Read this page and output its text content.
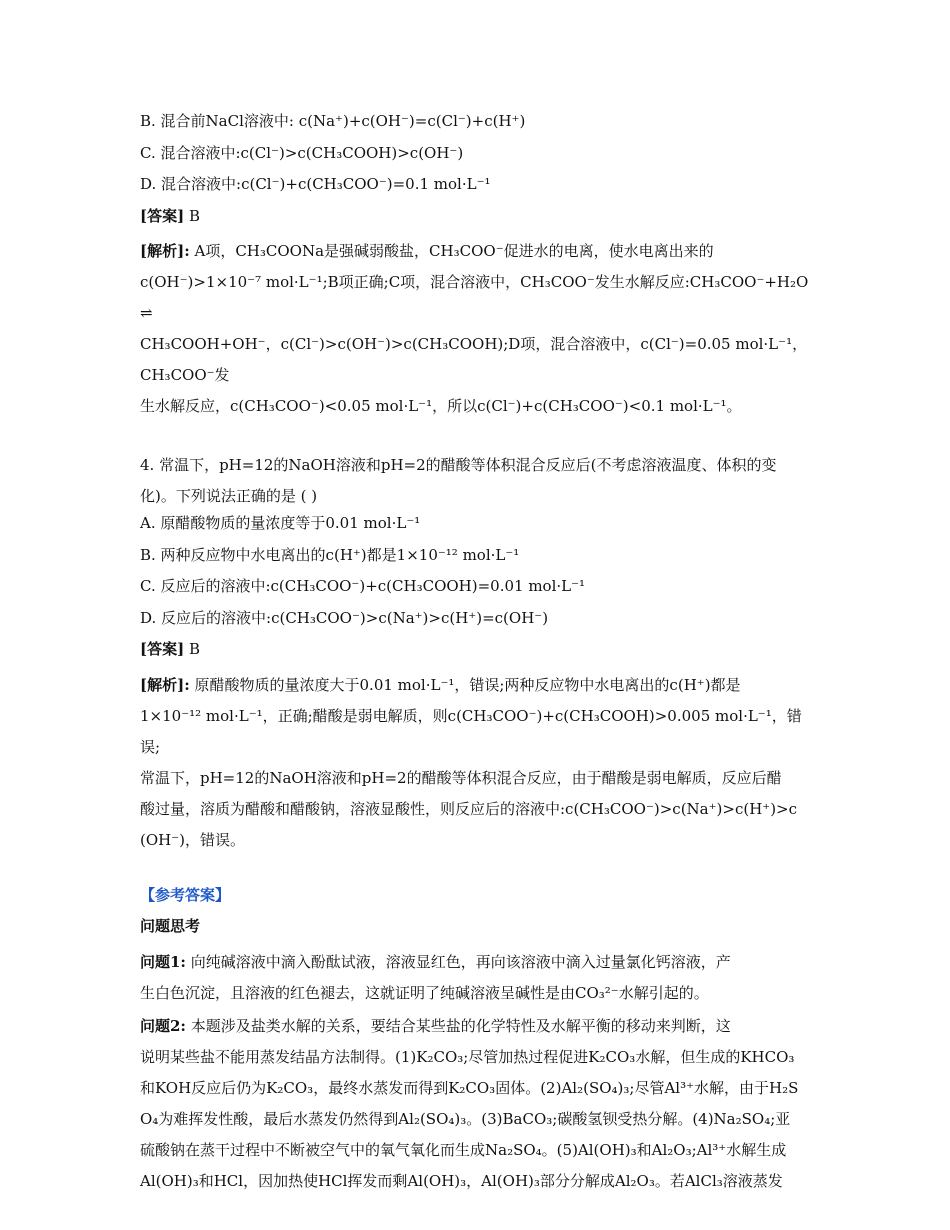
B. 混合前NaCl溶液中: c(Na⁺)+c(OH⁻)=c(Cl⁻)+c(H⁺)
C. 混合溶液中:c(Cl⁻)>c(CH₃COOH)>c(OH⁻)
D. 混合溶液中:c(Cl⁻)+c(CH₃COO⁻)=0.1 mol·L⁻¹
[答案] B
[解析]: A项，CH₃COONa是强碱弱酸盐，CH₃COO⁻促进水的电离，使水电离出来的
c(OH⁻)>1×10⁻⁷ mol·L⁻¹;B项正确;C项，混合溶液中，CH₃COO⁻发生水解反应:CH₃COO⁻+H₂O⇌
CH₃COOH+OH⁻，c(Cl⁻)>c(OH⁻)>c(CH₃COOH);D项，混合溶液中，c(Cl⁻)=0.05 mol·L⁻¹，CH₃COO⁻发
生水解反应，c(CH₃COO⁻)<0.05 mol·L⁻¹，所以c(Cl⁻)+c(CH₃COO⁻)<0.1 mol·L⁻¹。
4. 常温下，pH=12的NaOH溶液和pH=2的醋酸等体积混合反应后(不考虑溶液温度、体积的变
化)。下列说法正确的是 ( )
A. 原醋酸物质的量浓度等于0.01 mol·L⁻¹
B. 两种反应物中水电离出的c(H⁺)都是1×10⁻¹² mol·L⁻¹
C. 反应后的溶液中:c(CH₃COO⁻)+c(CH₃COOH)=0.01 mol·L⁻¹
D. 反应后的溶液中:c(CH₃COO⁻)>c(Na⁺)>c(H⁺)=c(OH⁻)
[答案] B
[解析]: 原醋酸物质的量浓度大于0.01 mol·L⁻¹，错误;两种反应物中水电离出的c(H⁺)都是
1×10⁻¹² mol·L⁻¹，正确;醋酸是弱电解质，则c(CH₃COO⁻)+c(CH₃COOH)>0.005 mol·L⁻¹，错误;
常温下，pH=12的NaOH溶液和pH=2的醋酸等体积混合反应，由于醋酸是弱电解质，反应后醋
酸过量，溶质为醋酸和醋酸钠，溶液显酸性，则反应后的溶液中:c(CH₃COO⁻)>c(Na⁺)>c(H⁺)>c
(OH⁻)，错误。
【参考答案】
问题思考
问题1: 向纯碱溶液中滴入酚酞试液，溶液显红色，再向该溶液中滴入过量氯化钙溶液，产
生白色沉淀，且溶液的红色褪去，这就证明了纯碱溶液呈碱性是由CO₃²⁻水解引起的。
问题2: 本题涉及盐类水解的关系，要结合某些盐的化学特性及水解平衡的移动来判断，这
说明某些盐不能用蒸发结晶方法制得。(1)K₂CO₃;尽管加热过程促进K₂CO₃水解，但生成的KHCO₃
和KOH反应后仍为K₂CO₃，最终水蒸发而得到K₂CO₃固体。(2)Al₂(SO₄)₃;尽管Al³⁺水解，由于H₂S
O₄为难挥发性酸，最后水蒸发仍然得到Al₂(SO₄)₃。(3)BaCO₃;碳酸氢钡受热分解。(4)Na₂SO₄;亚
硫酸钠在蒸干过程中不断被空气中的氧气氧化而生成Na₂SO₄。(5)Al(OH)₃和Al₂O₃;Al³⁺水解生成
Al(OH)₃和HCl，因加热使HCl挥发而剩Al(OH)₃，Al(OH)₃部分分解成Al₂O₃。若AlCl₃溶液蒸发
